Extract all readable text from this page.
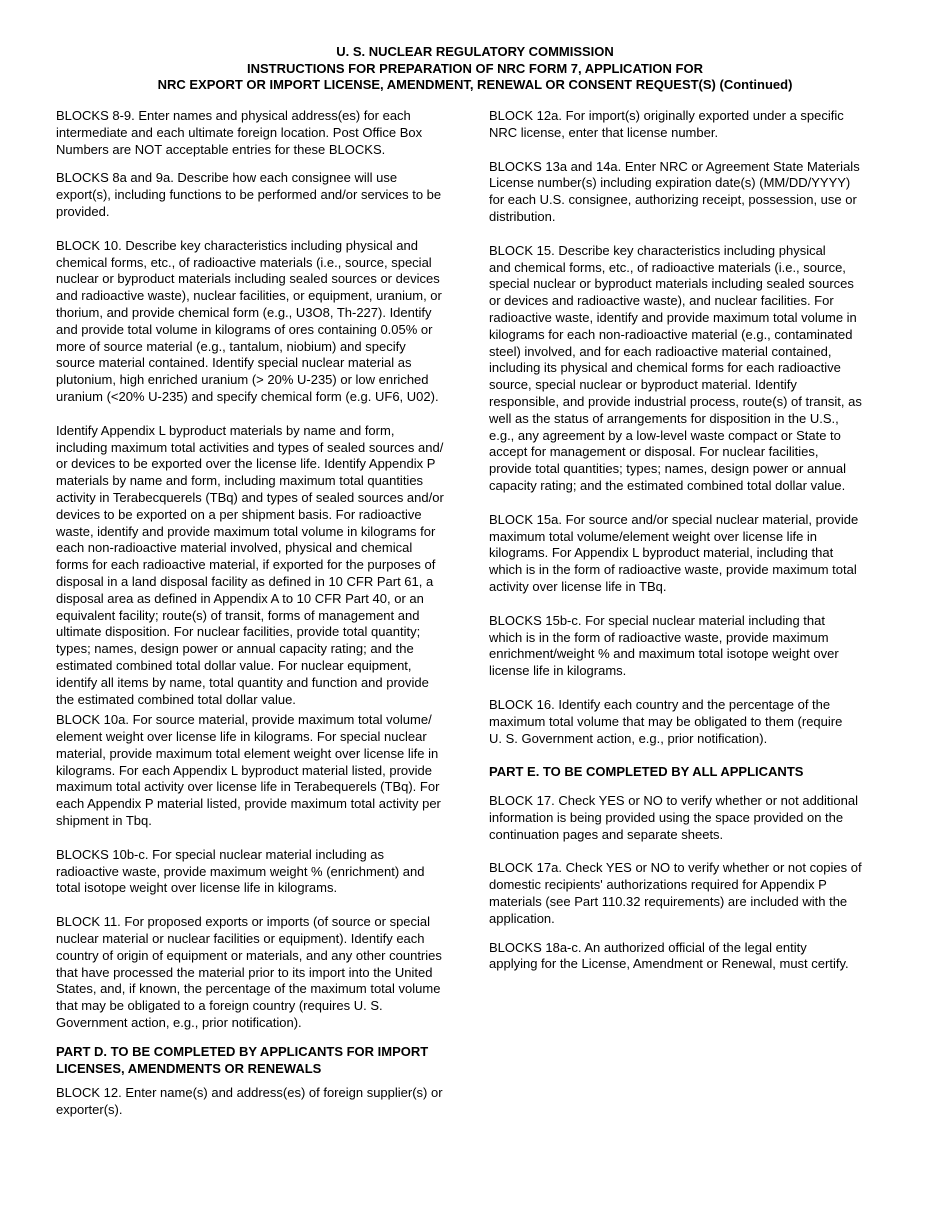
U. S. NUCLEAR REGULATORY COMMISSION
INSTRUCTIONS FOR PREPARATION OF NRC FORM 7, APPLICATION FOR
NRC EXPORT OR IMPORT LICENSE, AMENDMENT, RENEWAL OR CONSENT REQUEST(S) (Continued)

BLOCKS 8-9. Enter names and physical address(es) for each
intermediate and each ultimate foreign location. Post Office Box
Numbers are NOT acceptable entries for these BLOCKS.

BLOCKS 8a and 9a. Describe how each consignee will use
export(s), including functions to be performed and/or services to be
provided.

BLOCK 10. Describe key characteristics including physical and
chemical forms, etc., of radioactive materials (i.e., source, special
nuclear or byproduct materials including sealed sources or devices
and radioactive waste), nuclear facilities, or equipment, uranium, or
thorium, and provide chemical form (e.g., U3O8, Th-227). Identify
and provide total volume in kilograms of ores containing 0.05% or
more of source material (e.g., tantalum, niobium) and specify
source material contained. Identify special nuclear material as
plutonium, high enriched uranium (> 20% U-235) or low enriched
uranium (<20% U-235) and specify chemical form (e.g. UF6, U02).

Identify Appendix L byproduct materials by name and form,
including maximum total activities and types of sealed sources and/
or devices to be exported over the license life. Identify Appendix P
materials by name and form, including maximum total quantities
activity in Terabecquerels (TBq) and types of sealed sources and/or
devices to be exported on a per shipment basis. For radioactive
waste, identify and provide maximum total volume in kilograms for
each non-radioactive material involved, physical and chemical
forms for each radioactive material, if exported for the purposes of
disposal in a land disposal facility as defined in 10 CFR Part 61, a
disposal area as defined in Appendix A to 10 CFR Part 40, or an
equivalent facility; route(s) of transit, forms of management and
ultimate disposition. For nuclear facilities, provide total quantity;
types; names, design power or annual capacity rating; and the
estimated combined total dollar value. For nuclear equipment,
identify all items by name, total quantity and function and provide
the estimated combined total dollar value.

BLOCK 10a. For source material, provide maximum total volume/
element weight over license life in kilograms. For special nuclear
material, provide maximum total element weight over license life in
kilograms. For each Appendix L byproduct material listed, provide
maximum total activity over license life in Terabequerels (TBq). For
each Appendix P material listed, provide maximum total activity per
shipment in Tbq.

BLOCKS 10b-c. For special nuclear material including as
radioactive waste, provide maximum weight % (enrichment) and
total isotope weight over license life in kilograms.

BLOCK 11. For proposed exports or imports (of source or special
nuclear material or nuclear facilities or equipment). Identify each
country of origin of equipment or materials, and any other countries
that have processed the material prior to its import into the United
States, and, if known, the percentage of the maximum total volume
that may be obligated to a foreign country (requires U. S.
Government action, e.g., prior notification).

PART D. TO BE COMPLETED BY APPLICANTS FOR IMPORT
LICENSES, AMENDMENTS OR RENEWALS

BLOCK 12. Enter name(s) and address(es) of foreign supplier(s) or
exporter(s).

BLOCK 12a. For import(s) originally exported under a specific
NRC license, enter that license number.

BLOCKS 13a and 14a. Enter NRC or Agreement State Materials
License number(s) including expiration date(s) (MM/DD/YYYY)
for each U.S. consignee, authorizing receipt, possession, use or
distribution.

BLOCK 15. Describe key characteristics including physical
and chemical forms, etc., of radioactive materials (i.e., source,
special nuclear or byproduct materials including sealed sources
or devices and radioactive waste), and nuclear facilities. For
radioactive waste, identify and provide maximum total volume in
kilograms for each non-radioactive material (e.g., contaminated
steel) involved, and for each radioactive material contained,
including its physical and chemical forms for each radioactive
source, special nuclear or byproduct material. Identify
responsible, and provide industrial process, route(s) of transit, as
well as the status of arrangements for disposition in the U.S.,
e.g., any agreement by a low-level waste compact or State to
accept for management or disposal. For nuclear facilities,
provide total quantities; types; names, design power or annual
capacity rating; and the estimated combined total dollar value.

BLOCK 15a. For source and/or special nuclear material, provide
maximum total volume/element weight over license life in
kilograms. For Appendix L byproduct material, including that
which is in the form of radioactive waste, provide maximum total
activity over license life in TBq.

BLOCKS 15b-c. For special nuclear material including that
which is in the form of radioactive waste, provide maximum
enrichment/weight % and maximum total isotope weight over
license life in kilograms.

BLOCK 16. Identify each country and the percentage of the
maximum total volume that may be obligated to them (require
U. S. Government action, e.g., prior notification).

PART E. TO BE COMPLETED BY ALL APPLICANTS

BLOCK 17. Check YES or NO to verify whether or not additional
information is being provided using the space provided on the
continuation pages and separate sheets.

BLOCK 17a. Check YES or NO to verify whether or not copies of
domestic recipients' authorizations required for Appendix P
materials (see Part 110.32 requirements) are included with the
application.

BLOCKS 18a-c. An authorized official of the legal entity
applying for the License, Amendment or Renewal, must certify.
